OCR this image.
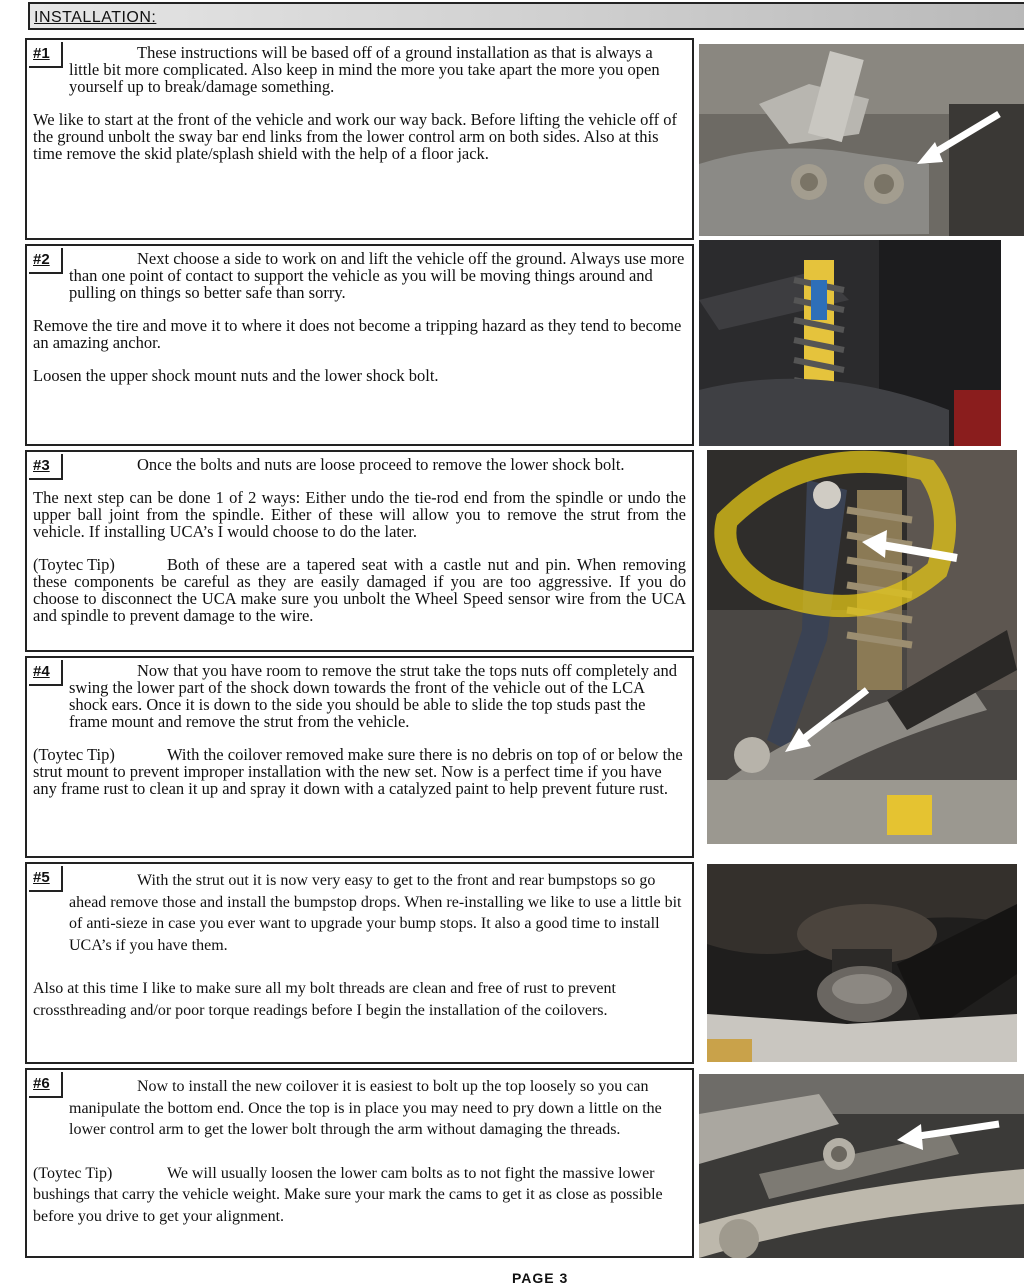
INSTALLATION:
#1	These instructions will be based off of a ground installation as that is always a little bit more complicated. Also keep in mind the more you take apart the more you open yourself up to break/damage something.

We like to start at the front of the vehicle and work our way back. Before lifting the vehicle off of the ground unbolt the sway bar end links from the lower control arm on both sides. Also at this time remove the skid plate/splash shield with the help of a floor jack.

#2	Next choose a side to work on and lift the vehicle off the ground. Always use more than one point of contact to support the vehicle as you will be moving things around and pulling on things so better safe than sorry.

Remove the tire and move it to where it does not become a tripping hazard as they tend to become an amazing anchor.

Loosen the upper shock mount nuts and the lower shock bolt.

#3	Once the bolts and nuts are loose proceed to remove the lower shock bolt.

The next step can be done 1 of 2 ways: Either undo the tie-rod end from the spindle or undo the upper ball joint from the spindle. Either of these will allow you to remove the strut from the vehicle. If installing UCA’s I would choose to do the later.

(Toytec Tip)	Both of these are a tapered seat with a castle nut and pin. When removing these components be careful as they are easily damaged if you are too aggressive. If you do choose to disconnect the UCA make sure you unbolt the Wheel Speed sensor wire from the UCA and spindle to prevent damage to the wire.

#4	Now that you have room to remove the strut take the tops nuts off completely and swing the lower part of the shock down towards the front of the vehicle out of the LCA shock ears. Once it is down to the side you should be able to slide the top studs past the frame mount and remove the strut from the vehicle.

(Toytec Tip)	With the coilover removed make sure there is no debris on top of or below the strut mount to prevent improper installation with the new set. Now is a perfect time if you have any frame rust to clean it up and spray it down with a catalyzed paint to help prevent future rust.

#5	With the strut out it is now very easy to get to the front and rear bumpstops so go ahead remove those and install the bumpstop drops. When re-installing we like to use a little bit of anti-sieze in case you ever want to upgrade your bump stops. It also a good time to install UCA’s if you have them.

Also at this time I like to make sure all my bolt threads are clean and free of rust to prevent crossthreading and/or poor torque readings before I begin the installation of the coilovers.

#6	Now to install the new coilover it is easiest to bolt up the top loosely so you can manipulate the bottom end. Once the top is in place you may need to pry down a little on the lower control arm to get the lower bolt through the arm without damaging the threads.

(Toytec Tip)	We will usually loosen the lower cam bolts as to not fight the massive lower bushings that carry the vehicle weight. Make sure your mark the cams to get it as close as possible before you drive to get your alignment.

PAGE 3
